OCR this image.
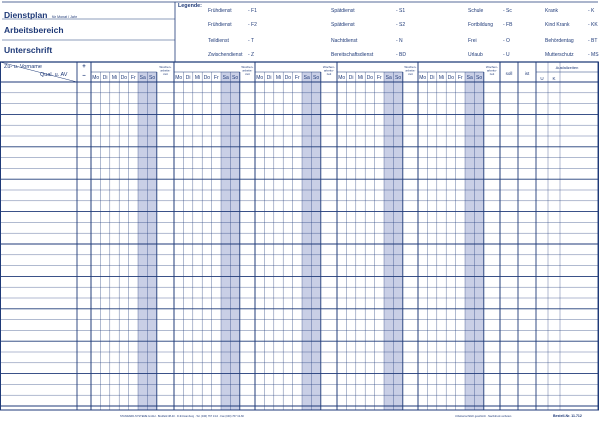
Dienstplan für Monat / Jahr
Arbeitsbereich
Unterschrift
Legende:
Frühdienst	- F1	Spätdienst	- S1	Schule	- Sc	Krank	- K
Frühdienst	- F2	Spätdienst	- S2	Fortbildung - FB	Kind Krank	- KK
Teildienst	- T	Nachtdienst	- N	Frei	- O	Behördentag	- BT
Zwischendienst - Z	Bereitschaftsdienst	- BD	Urlaub	- U	Mutterschutz	- MS
Zu- u. Vorname
Qual. u. AV
+
– Mo Di Mi Do Fr Sa So
Wochen-
arbeits-
zeit
Mo Di Mi Do Fr Sa So
Wochen-
arbeits-
zeit
Mo Di Mi Do Fr Sa So
Wochen-
arbeits-
zeit
Mo Di Mi Do Fr Sa So
Wochen-
arbeits-
zeit
Mo Di Mi Do Fr Sa So
Wochen-
arbeits-
zeit	soll	ist
Ausfallzeiten
U K
STANDARD-SYSTEME GmbH · Breitfeld 38-40 · D-94 Hamburg · Tel. (040) 767 13-0 · Fax (040) 767 13-60	Urheberrechtlich geschützt · Nachdruck verboten	Bestell-Nr. 11.712
